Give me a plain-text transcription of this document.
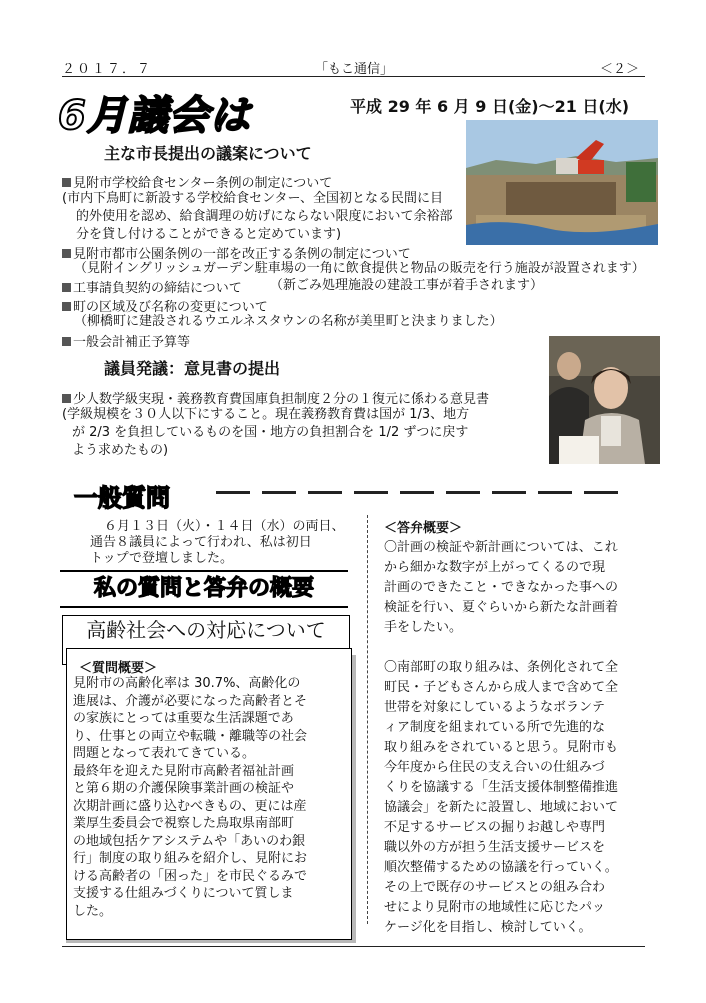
２０１７．７	「もこ通信」	＜２＞
6月議会は	平成 29 年 6 月 9 日(金)～21 日(水)
主な市長提出の議案について
見附市学校給食センター条例の制定について
(市内下鳥町に新設する学校給食センター、全国初となる民間に目
的外使用を認め、給食調理の妨げにならない限度において余裕部
分を貸し付けることができると定めています)
見附市都市公園条例の一部を改正する条例の制定について
（見附イングリッシュガーデン駐車場の一角に飲食提供と物品の販売を行う施設が設置されます）
工事請負契約の締結について （新ごみ処理施設の建設工事が着手されます）
町の区域及び名称の変更について
（柳橋町に建設されるウエルネスタウンの名称が美里町と決まりました）
一般会計補正予算等
議員発議：意見書の提出
少人数学級実現・義務教育費国庫負担制度２分の１復元に係わる意見書
(学級規模を３０人以下にすること。現在義務教育費は国が 1/3、地方
が 2/3 を負担しているものを国・地方の負担割合を 1/2 ずつに戻す
よう求めたもの)
一般質問
６月１３日（火）・１４日（水）の両日、
通告８議員によって行われ、私は初日
トップで登壇しました。
私の質問と答弁の概要
高齢社会への対応について
＜質問概要＞
見附市の高齢化率は 30.7%、高齢化の
進展は、介護が必要になった高齢者とそ
の家族にとっては重要な生活課題であ
り、仕事との両立や転職・離職等の社会
問題となって表れてきている。
最終年を迎えた見附市高齢者福祉計画
と第６期の介護保険事業計画の検証や
次期計画に盛り込むべきもの、更には産
業厚生委員会で視察した鳥取県南部町
の地域包括ケアシステムや「あいのわ銀
行」制度の取り組みを紹介し、見附にお
ける高齢者の「困った」を市民ぐるみで
支援する仕組みづくりについて質しま
した。
＜答弁概要＞
〇計画の検証や新計画については、これ
から細かな数字が上がってくるので現
計画のできたこと・できなかった事への
検証を行い、夏ぐらいから新たな計画着
手をしたい。
〇南部町の取り組みは、条例化されて全
町民・子どもさんから成人まで含めて全
世帯を対象にしているようなボランテ
ィア制度を組まれている所で先進的な
取り組みをされていると思う。見附市も
今年度から住民の支え合いの仕組みづ
くりを協議する「生活支援体制整備推進
協議会」を新たに設置し、地域において
不足するサービスの掘りお越しや専門
職以外の方が担う生活支援サービスを
順次整備するための協議を行っていく。
その上で既存のサービスとの組み合わ
せにより見附市の地域性に応じたパッ
ケージ化を目指し、検討していく。
